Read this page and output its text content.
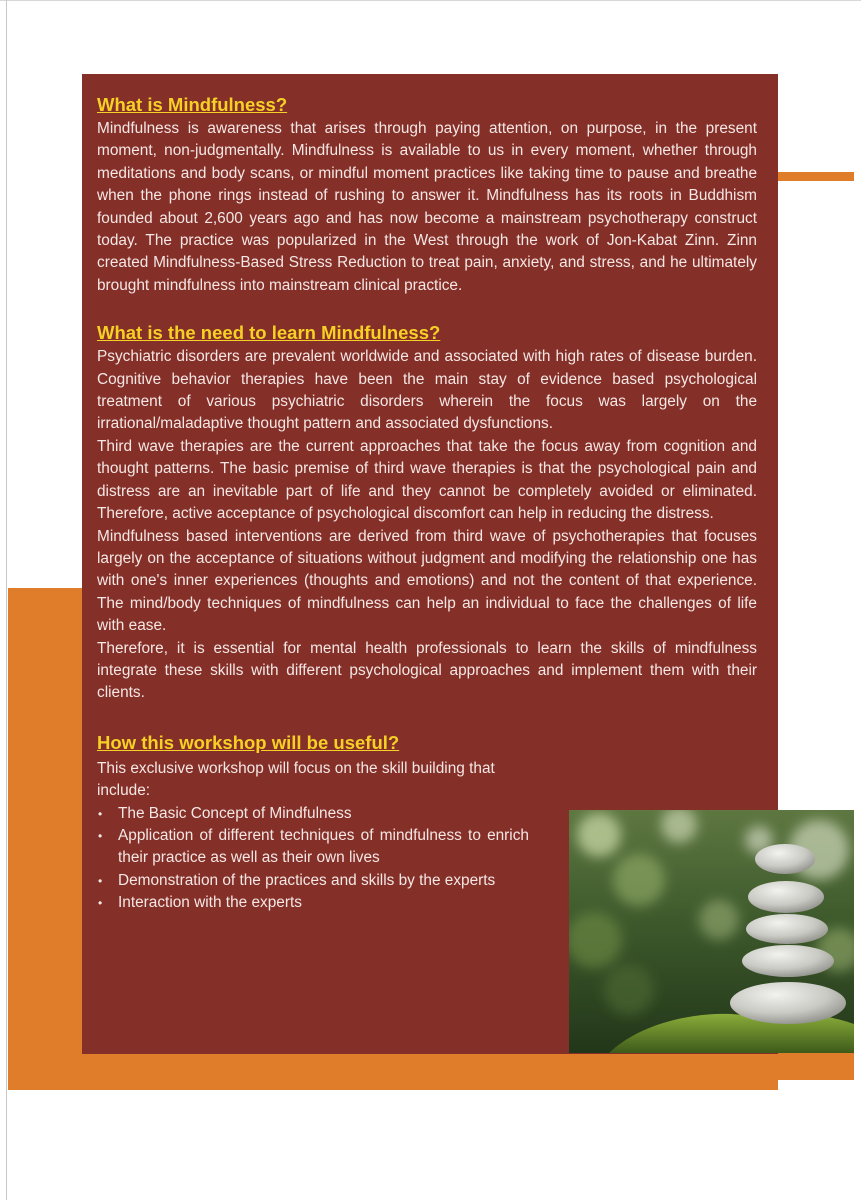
What is Mindfulness?

Mindfulness is awareness that arises through paying attention, on purpose, in the present moment, non-judgmentally. Mindfulness is available to us in every moment, whether through meditations and body scans, or mindful moment practices like taking time to pause and breathe when the phone rings instead of rushing to answer it. Mindfulness has its roots in Buddhism founded about 2,600 years ago and has now become a mainstream psychotherapy construct today. The practice was popularized in the West through the work of Jon-Kabat Zinn. Zinn created Mindfulness-Based Stress Reduction to treat pain, anxiety, and stress, and he ultimately brought mindfulness into mainstream clinical practice.

What is the need to learn Mindfulness?

Psychiatric disorders are prevalent worldwide and associated with high rates of disease burden. Cognitive behavior therapies have been the main stay of evidence based psychological treatment of various psychiatric disorders wherein the focus was largely on the irrational/maladaptive thought pattern and associated dysfunctions.

Third wave therapies are the current approaches that take the focus away from cognition and thought patterns. The basic premise of third wave therapies is that the psychological pain and distress are an inevitable part of life and they cannot be completely avoided or eliminated. Therefore, active acceptance of psychological discomfort can help in reducing the distress.

Mindfulness based interventions are derived from third wave of psychotherapies that focuses largely on the acceptance of situations without judgment and modifying the relationship one has with one's inner experiences (thoughts and emotions) and not the content of that experience. The mind/body techniques of mindfulness can help an individual to face the challenges of life with ease.

Therefore, it is essential for mental health professionals to learn the skills of mindfulness integrate these skills with different psychological approaches and implement them with their clients.

How this workshop will be useful?

This exclusive workshop will focus on the skill building that include:

• The Basic Concept of Mindfulness
• Application of different techniques of mindfulness to enrich their practice as well as their own lives
• Demonstration of the practices and skills by the experts
• Interaction with the experts
